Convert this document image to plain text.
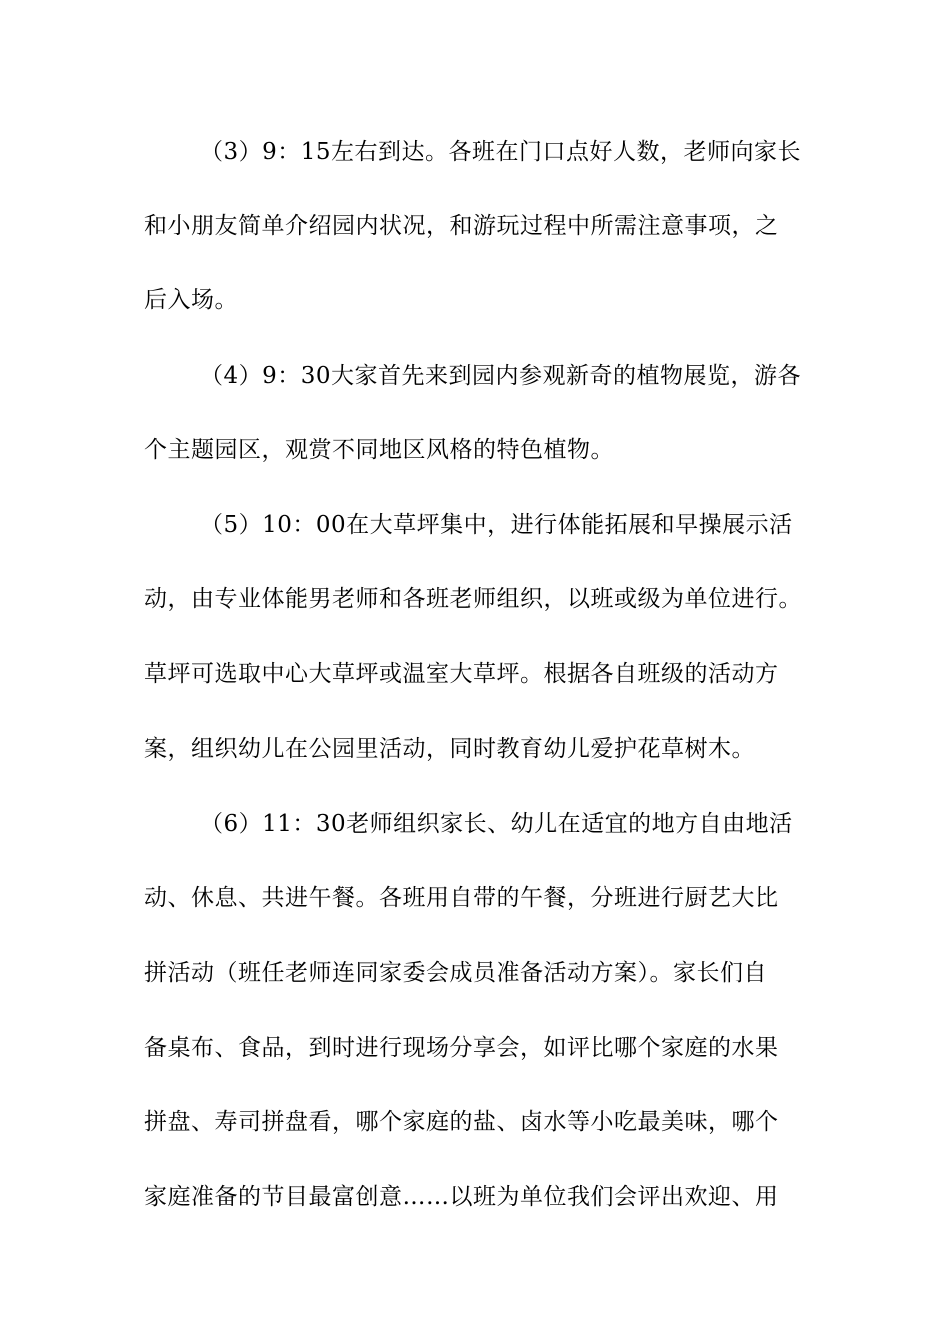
（3）9：15左右到达。各班在门口点好人数，老师向家长
和小朋友简单介绍园内状况，和游玩过程中所需注意事项，之
后入场。
（4）9：30大家首先来到园内参观新奇的植物展览，游各
个主题园区，观赏不同地区风格的特色植物。
（5）10：00在大草坪集中，进行体能拓展和早操展示活
动，由专业体能男老师和各班老师组织，以班或级为单位进行。
草坪可选取中心大草坪或温室大草坪。根据各自班级的活动方
案，组织幼儿在公园里活动，同时教育幼儿爱护花草树木。
（6）11：30老师组织家长、幼儿在适宜的地方自由地活
动、休息、共进午餐。各班用自带的午餐，分班进行厨艺大比
拼活动（班任老师连同家委会成员准备活动方案）。家长们自
备桌布、食品，到时进行现场分享会，如评比哪个家庭的水果
拼盘、寿司拼盘看，哪个家庭的盐、卤水等小吃最美味，哪个
家庭准备的节目最富创意……以班为单位我们会评出欢迎、用
